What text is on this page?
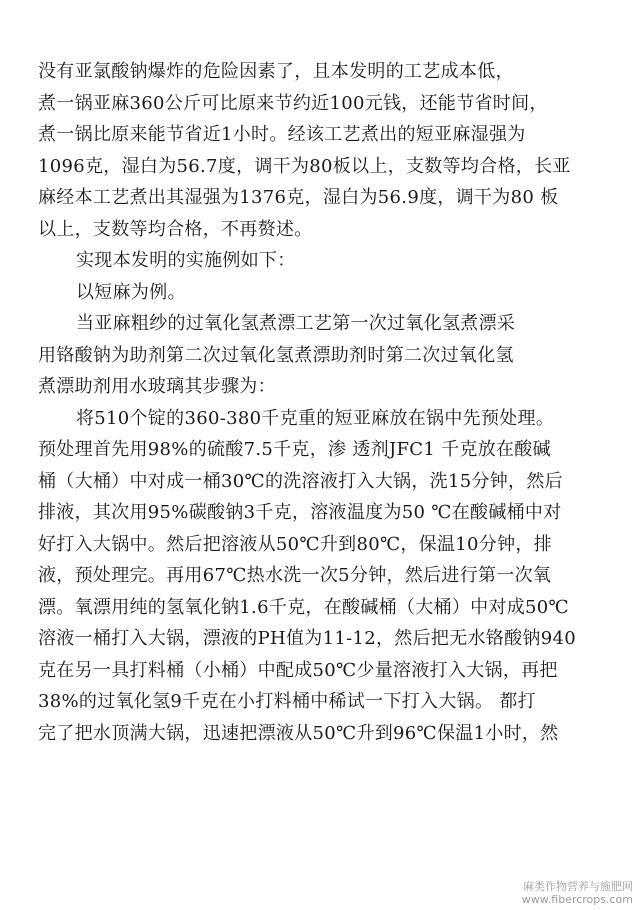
没有亚氯酸钠爆炸的危险因素了，且本发明的工艺成本低，
煮一锅亚麻360公斤可比原来节约近100元钱，还能节省时间，
煮一锅比原来能节省近1小时。经该工艺煮出的短亚麻湿强为
1096克，湿白为56.7度，调干为80板以上，支数等均合格，长亚
麻经本工艺煮出其湿强为1376克，湿白为56.9度，调干为80 板
以上，支数等均合格，不再赘述。
实现本发明的实施例如下：
以短麻为例。
当亚麻粗纱的过氧化氢煮漂工艺第一次过氧化氢煮漂采
用铬酸钠为助剂第二次过氧化氢煮漂助剂时第二次过氧化氢
煮漂助剂用水玻璃其步骤为：
将510个锭的360-380千克重的短亚麻放在锅中先预处理。
预处理首先用98%的硫酸7.5千克，渗 透剂JFC1 千克放在酸碱
桶（大桶）中对成一桶30℃的洗溶液打入大锅，洗15分钟，然后
排液，其次用95%碳酸钠3千克，溶液温度为50 ℃在酸碱桶中对
好打入大锅中。然后把溶液从50℃升到80℃，保温10分钟，排
液，预处理完。再用67℃热水洗一次5分钟，然后进行第一次氧
漂。氧漂用纯的氢氧化钠1.6千克，在酸碱桶（大桶）中对成50℃
溶液一桶打入大锅，漂液的PH值为11-12，然后把无水铬酸钠940
克在另一具打料桶（小桶）中配成50℃少量溶液打入大锅，再把
38%的过氧化氢9千克在小打料桶中稀试一下打入大锅。 都打
完了把水顶满大锅，迅速把漂液从50℃升到96℃保温1小时，然
麻类作物营养与施肥网
www.fibercrops.com
